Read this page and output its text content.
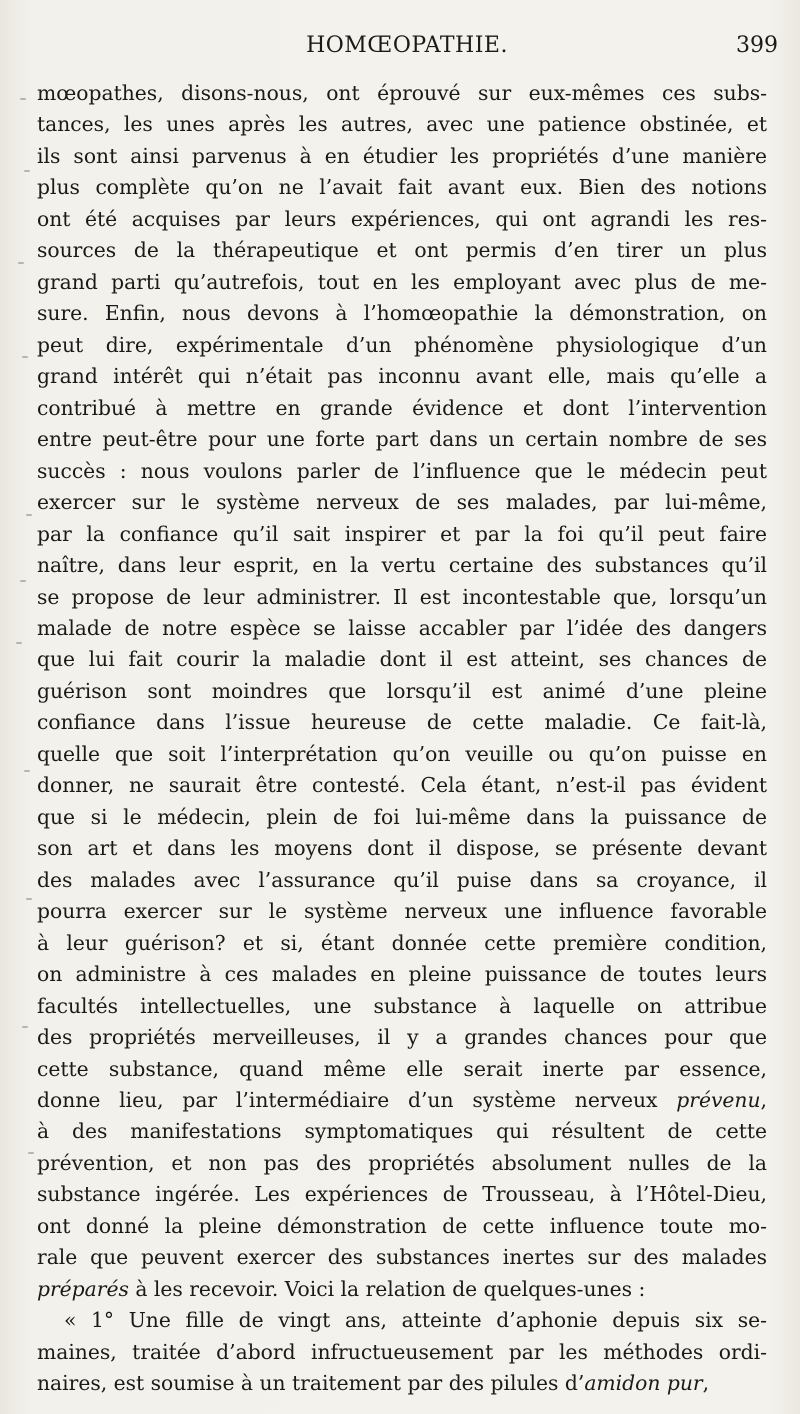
HOMŒOPATHIE.	399
mœopathes, disons-nous, ont éprouvé sur eux-mêmes ces subs-
tances, les unes après les autres, avec une patience obstinée, et
ils sont ainsi parvenus à en étudier les propriétés d’une manière
plus complète qu’on ne l’avait fait avant eux. Bien des notions
ont été acquises par leurs expériences, qui ont agrandi les res-
sources de la thérapeutique et ont permis d’en tirer un plus
grand parti qu’autrefois, tout en les employant avec plus de me-
sure. Enfin, nous devons à l’homœopathie la démonstration, on
peut dire, expérimentale d’un phénomène physiologique d’un
grand intérêt qui n’était pas inconnu avant elle, mais qu’elle a
contribué à mettre en grande évidence et dont l’intervention
entre peut-être pour une forte part dans un certain nombre de ses
succès : nous voulons parler de l’influence que le médecin peut
exercer sur le système nerveux de ses malades, par lui-même,
par la confiance qu’il sait inspirer et par la foi qu’il peut faire
naître, dans leur esprit, en la vertu certaine des substances qu’il
se propose de leur administrer. Il est incontestable que, lorsqu’un
malade de notre espèce se laisse accabler par l’idée des dangers
que lui fait courir la maladie dont il est atteint, ses chances de
guérison sont moindres que lorsqu’il est animé d’une pleine
confiance dans l’issue heureuse de cette maladie. Ce fait-là,
quelle que soit l’interprétation qu’on veuille ou qu’on puisse en
donner, ne saurait être contesté. Cela étant, n’est-il pas évident
que si le médecin, plein de foi lui-même dans la puissance de
son art et dans les moyens dont il dispose, se présente devant
des malades avec l’assurance qu’il puise dans sa croyance, il
pourra exercer sur le système nerveux une influence favorable
à leur guérison? et si, étant donnée cette première condition,
on administre à ces malades en pleine puissance de toutes leurs
facultés intellectuelles, une substance à laquelle on attribue
des propriétés merveilleuses, il y a grandes chances pour que
cette substance, quand même elle serait inerte par essence,
donne lieu, par l’intermédiaire d’un système nerveux prévenu,
à des manifestations symptomatiques qui résultent de cette
prévention, et non pas des propriétés absolument nulles de la
substance ingérée. Les expériences de Trousseau, à l’Hôtel-Dieu,
ont donné la pleine démonstration de cette influence toute mo-
rale que peuvent exercer des substances inertes sur des malades
préparés à les recevoir. Voici la relation de quelques-unes :
« 1° Une fille de vingt ans, atteinte d’aphonie depuis six se-
maines, traitée d’abord infructueusement par les méthodes ordi-
naires, est soumise à un traitement par des pilules d’amidon pur,
